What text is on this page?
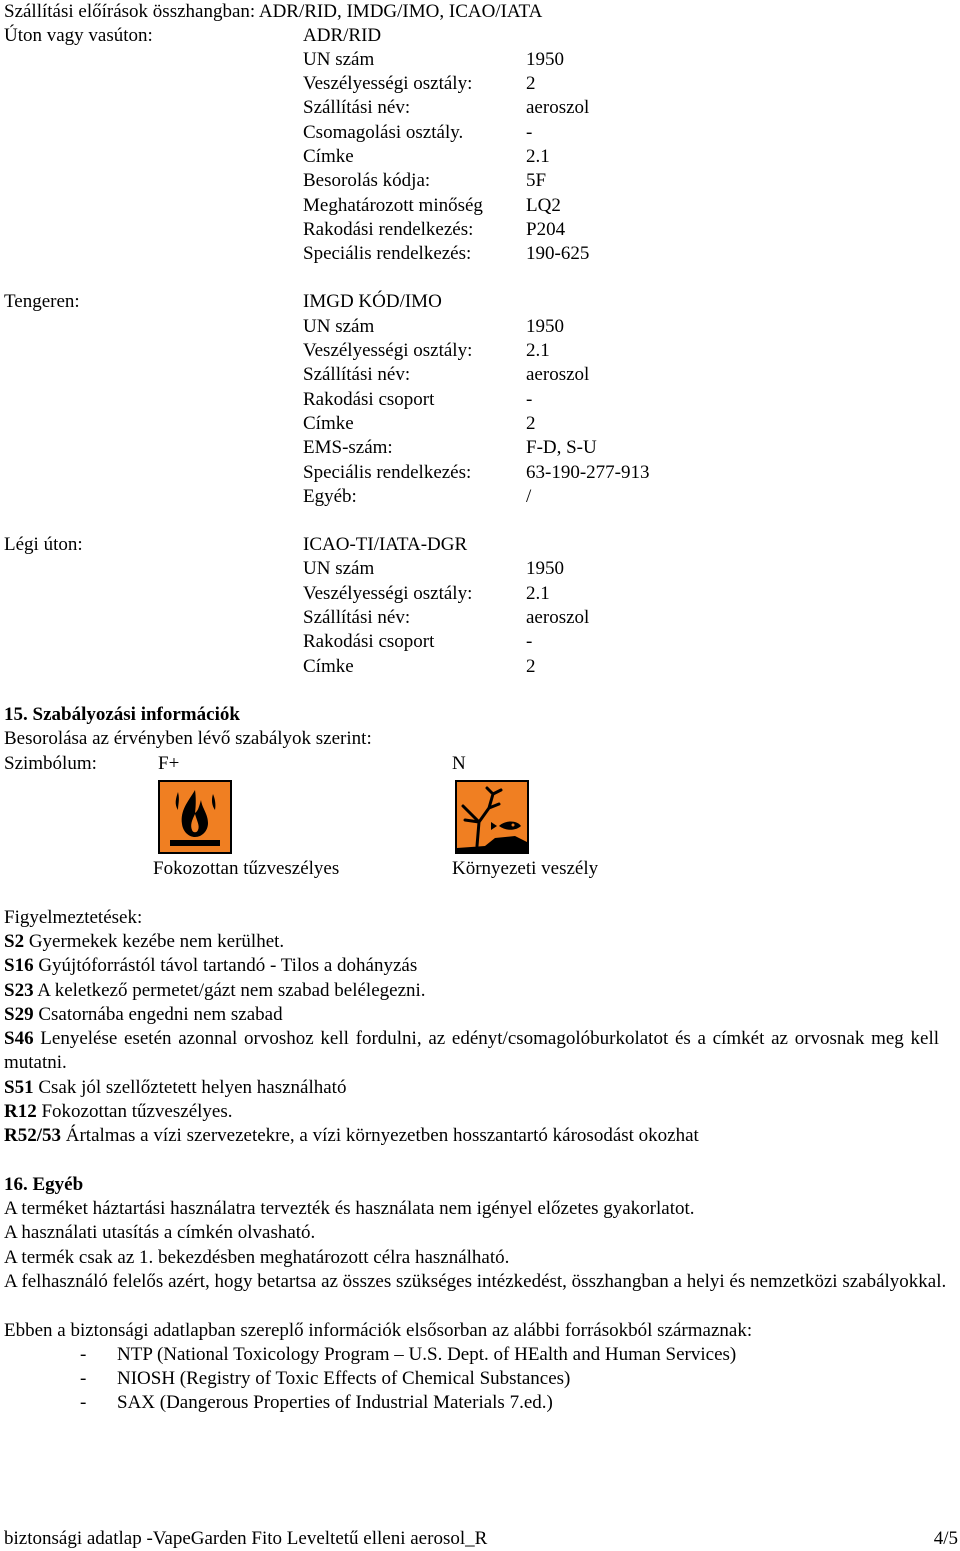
Szállítási előírások összhangban: ADR/RID, IMDG/IMO, ICAO/IATA
Úton vagy vasúton:	ADR/RID
UN szám	1950
Veszélyességi osztály:	2
Szállítási név:	aeroszol
Csomagolási osztály.	-
Címke	2.1
Besorolás kódja:	5F
Meghatározott minőség LQ2
Rakodási rendelkezés:	P204
Speciális rendelkezés:	190-625
Tengeren:	IMGD KÓD/IMO
UN szám	1950
Veszélyességi osztály:	2.1
Szállítási név:	aeroszol
Rakodási csoport	-
Címke	2
EMS-szám:	F-D, S-U
Speciális rendelkezés:	63-190-277-913
Egyéb:	/
Légi úton:	ICAO-TI/IATA-DGR
UN szám	1950
Veszélyességi osztály:	2.1
Szállítási név:	aeroszol
Rakodási csoport	-
Címke	2
15. Szabályozási információk
Besorolása az érvényben lévő szabályok szerint:
Szimbólum:	F+	N
Fokozottan tűzveszélyes	Környezeti veszély
Figyelmeztetések:
S2 Gyermekek kezébe nem kerülhet.
S16 Gyújtóforrástól távol tartandó - Tilos a dohányzás
S23 A keletkező permetet/gázt nem szabad belélegezni.
S29 Csatornába engedni nem szabad
S46 Lenyelése esetén azonnal orvoshoz kell fordulni, az edényt/csomagolóburkolatot és a címkét az orvosnak meg kell mutatni.
S51 Csak jól szellőztetett helyen használható
R12 Fokozottan tűzveszélyes.
R52/53 Ártalmas a vízi szervezetekre, a vízi környezetben hosszantartó károsodást okozhat
16. Egyéb
A terméket háztartási használatra tervezték és használata nem igényel előzetes gyakorlatot.
A használati utasítás a címkén olvasható.
A termék csak az 1. bekezdésben meghatározott célra használható.
A felhasználó felelős azért, hogy betartsa az összes szükséges intézkedést, összhangban a helyi és nemzetközi szabályokkal.
Ebben a biztonsági adatlapban szereplő információk elsősorban az alábbi forrásokból származnak:
- NTP (National Toxicology Program – U.S. Dept. of HEalth and Human Services)
- NIOSH (Registry of Toxic Effects of Chemical Substances)
- SAX (Dangerous Properties of Industrial Materials 7.ed.)
biztonsági adatlap -VapeGarden Fito Leveltetű elleni aerosol_R	4/5
